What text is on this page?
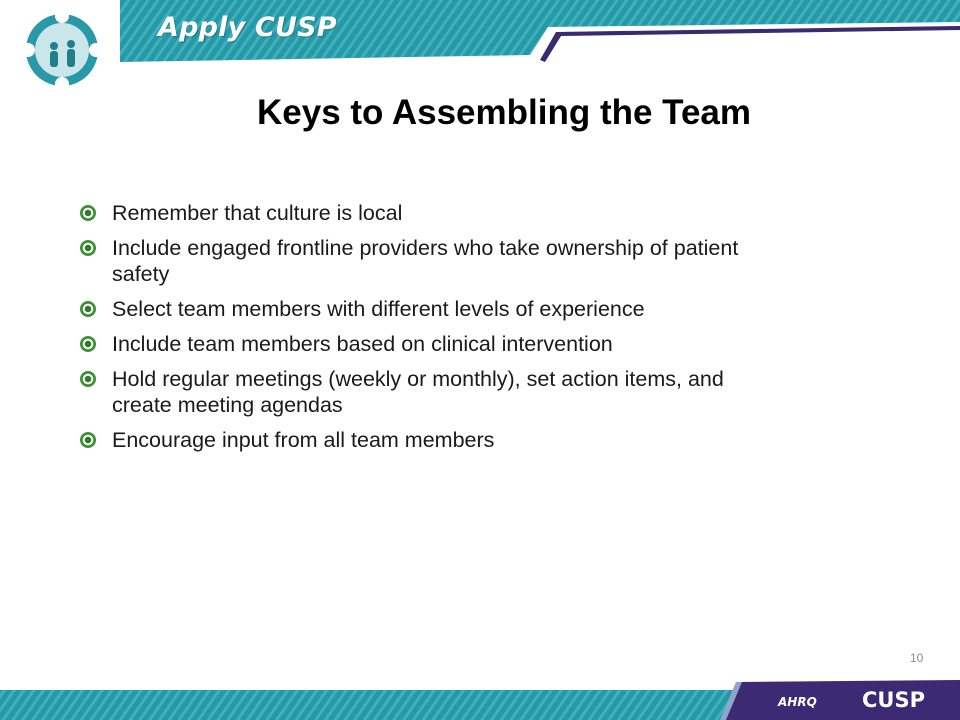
Apply CUSP
Keys to Assembling the Team
Remember that culture is local
Include engaged frontline providers who take ownership of patient safety
Select team members with different levels of experience
Include team members based on clinical intervention
Hold regular meetings (weekly or monthly), set action items, and create meeting agendas
Encourage input from all team members
10
AHRQ CUSP
